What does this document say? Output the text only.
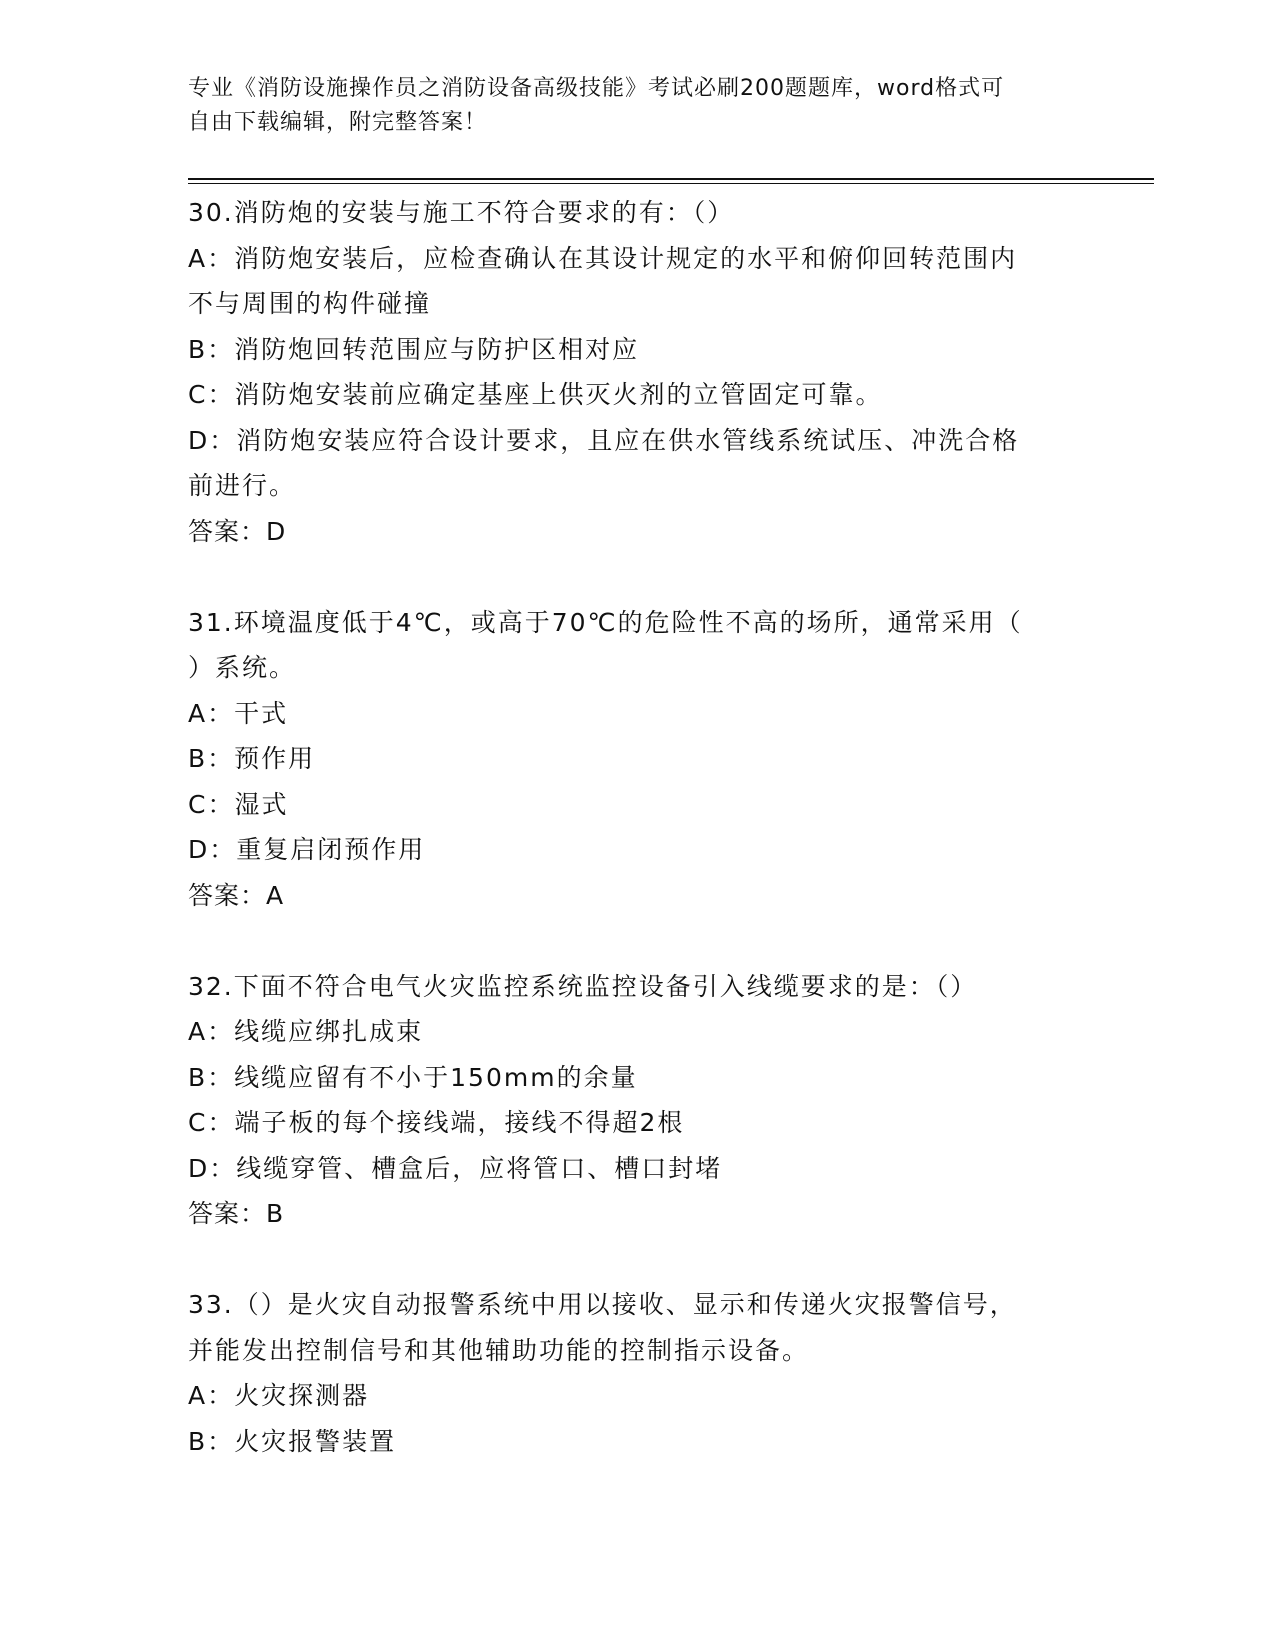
专业《消防设施操作员之消防设备高级技能》考试必刷200题题库，word格式可
自由下载编辑，附完整答案！

30.消防炮的安装与施工不符合要求的有：（）

A：消防炮安装后，应检查确认在其设计规定的水平和俯仰回转范围内

不与周围的构件碰撞

B：消防炮回转范围应与防护区相对应

C：消防炮安装前应确定基座上供灭火剂的立管固定可靠。

D：消防炮安装应符合设计要求，且应在供水管线系统试压、冲洗合格

前进行。

答案：D

31.环境温度低于4℃，或高于70℃的危险性不高的场所，通常采用（

）系统。

A：干式

B：预作用

C：湿式

D：重复启闭预作用

答案：A

32.下面不符合电气火灾监控系统监控设备引入线缆要求的是：（）

A：线缆应绑扎成束

B：线缆应留有不小于150mm的余量

C：端子板的每个接线端，接线不得超2根

D：线缆穿管、槽盒后，应将管口、槽口封堵

答案：B

33.（）是火灾自动报警系统中用以接收、显示和传递火灾报警信号，

并能发出控制信号和其他辅助功能的控制指示设备。

A：火灾探测器

B：火灾报警装置
